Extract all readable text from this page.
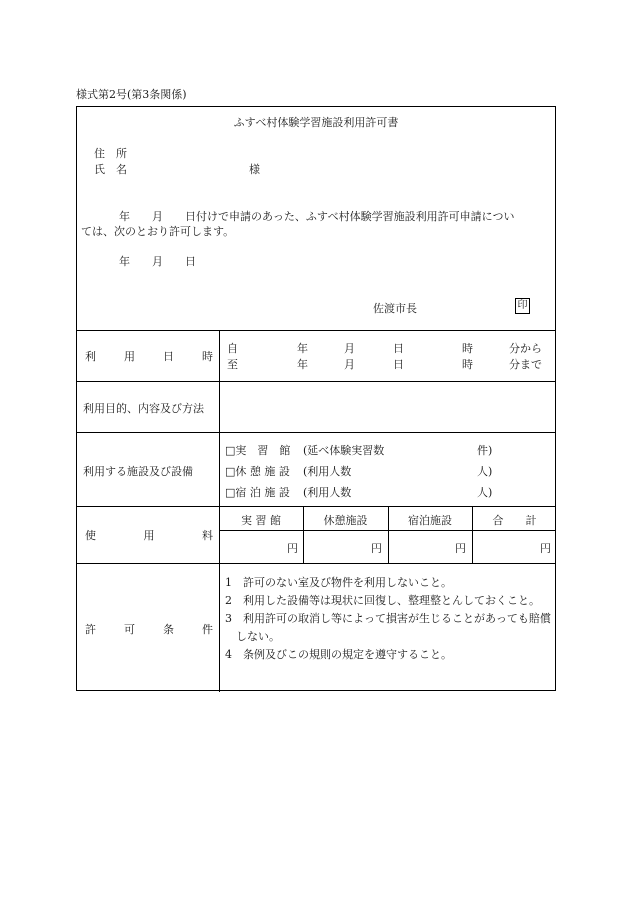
様式第2号(第3条関係)
ふすべ村体験学習施設利用許可書
住　所
氏　名	様
年　　月　　日付けで申請のあった、ふすべ村体験学習施設利用許可申請につい
ては、次のとおり許可します。
年　　月　　日
佐渡市長	印
利	用	日	時
自	年	月	日	時	分から
至	年	月	日	時	分まで
利用目的、内容及び方法
利用する施設及び設備
□実　習　館 (延べ体験実習数	件)
□休 憩 施 設 (利用人数	人)
□宿 泊 施 設 (利用人数	人)
使	用	料
実 習 館	休憩施設	宿泊施設	合　　計
円	円	円	円
許	可	条	件
1　許可のない室及び物件を利用しないこと。
2　利用した設備等は現状に回復し、整理整とんしておくこと。
3　利用許可の取消し等によって損害が生じることがあっても賠償しない。
4　条例及びこの規則の規定を遵守すること。
